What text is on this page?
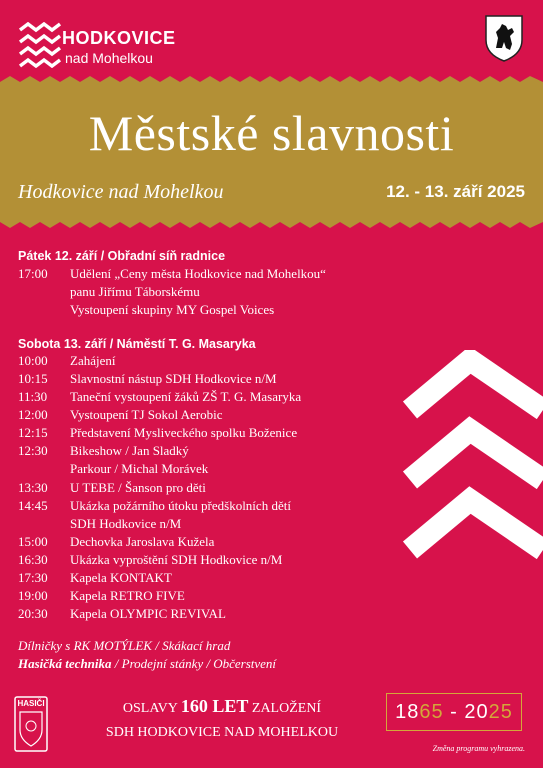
HODKOVICE
nad Mohelkou
Městské slavnosti
Hodkovice nad Mohelkou	12. - 13. září 2025
Pátek 12. září / Obřadní síň radnice
17:00 Udělení „Ceny města Hodkovice nad Mohelkou“
panu Jiřímu Táborskému
Vystoupení skupiny MY Gospel Voices
Sobota 13. září / Náměstí T. G. Masaryka
10:00 Zahájení
10:15 Slavnostní nástup SDH Hodkovice n/M
11:30 Taneční vystoupení žáků ZŠ T. G. Masaryka
12:00 Vystoupení TJ Sokol Aerobic
12:15 Představení Mysliveckého spolku Boženice
12:30 Bikeshow / Jan Sladký
Parkour / Michal Morávek
13:30 U TEBE / Šanson pro děti
14:45 Ukázka požárního útoku předškolních dětí
SDH Hodkovice n/M
15:00 Dechovka Jaroslava Kužela
16:30 Ukázka vyproštění SDH Hodkovice n/M
17:30 Kapela KONTAKT
19:00 Kapela RETRO FIVE
20:30 Kapela OLYMPIC REVIVAL
Dílničky s RK MOTÝLEK / Skákací hrad
Hasičká technika / Prodejní stánky / Občerstvení
HASIČI	OSLAVY 160 LET ZALOŽENÍ
SDH HODKOVICE NAD MOHELKOU
1865 - 2025
Změna programu vyhrazena.
